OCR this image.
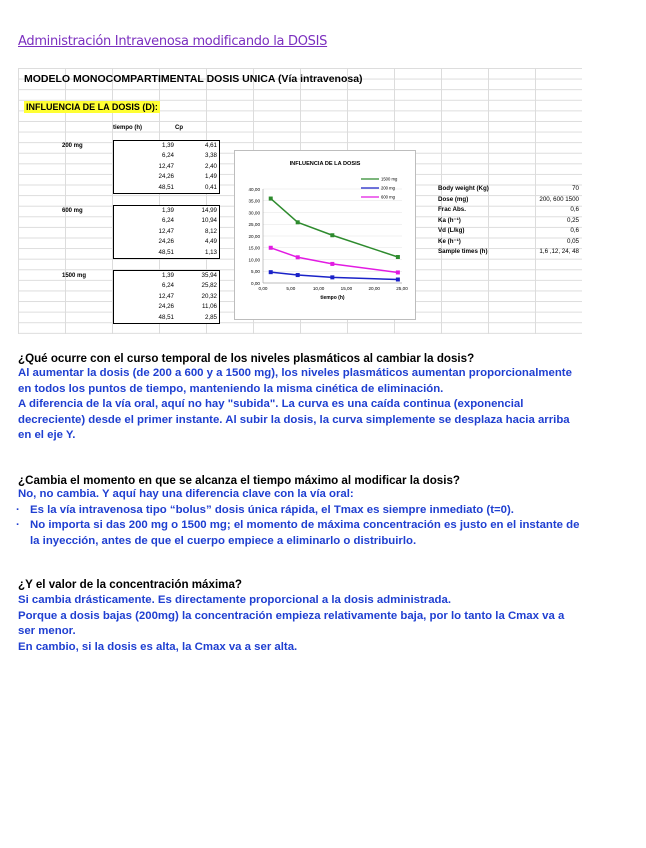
Administración Intravenosa modificando la DOSIS
MODELO MONOCOMPARTIMENTAL DOSIS UNICA (Vía intravenosa)
INFLUENCIA DE LA DOSIS (D):
tiempo (h)	Cp
200 mg	1,39	4,61
6,24	3,38
12,47	2,40
24,26	1,49
48,51	0,41
600 mg	1,39	14,99
6,24	10,94
12,47	8,12
24,26	4,49
48,51	1,13
1500 mg	1,39	35,94
6,24	25,82
12,47	20,32
24,26	11,06
48,51	2,85
INFLUENCIA DE LA DOSIS
0,00
5,00
10,00
15,00
20,00
25,00
30,00
35,00
40,00
0,00	5,00	10,00	15,00	20,00	25,00
tiempo (h)
1500 mg
200 mg
600 mg
Body weight (Kg)	70
Dose (mg)	200, 600 1500
Frac Abs.	0,6
Ka (h⁻¹)	0,25
Vd (L/kg)	0,6
Ke (h⁻¹)	0,05
Sample times (h)	1,6 ,12, 24, 48
¿Qué ocurre con el curso temporal de los niveles plasmáticos al cambiar la dosis?
Al aumentar la dosis (de 200 a 600 y a 1500 mg), los niveles plasmáticos aumentan proporcionalmente
en todos los puntos de tiempo, manteniendo la misma cinética de eliminación.
A diferencia de la vía oral, aquí no hay "subida". La curva es una caída continua (exponencial
decreciente) desde el primer instante. Al subir la dosis, la curva simplemente se desplaza hacia arriba
en el eje Y.
¿Cambia el momento en que se alcanza el tiempo máximo al modificar la dosis?
No, no cambia. Y aquí hay una diferencia clave con la vía oral:
· Es la vía intravenosa tipo “bolus” dosis única rápida, el Tmax es siempre inmediato (t=0).
· No importa si das 200 mg o 1500 mg; el momento de máxima concentración es justo en el instante de
la inyección, antes de que el cuerpo empiece a eliminarlo o distribuirlo.
¿Y el valor de la concentración máxima?
Si cambia drásticamente. Es directamente proporcional a la dosis administrada.
Porque a dosis bajas (200mg) la concentración empieza relativamente baja, por lo tanto la Cmax va a
ser menor.
En cambio, si la dosis es alta, la Cmax va a ser alta.
